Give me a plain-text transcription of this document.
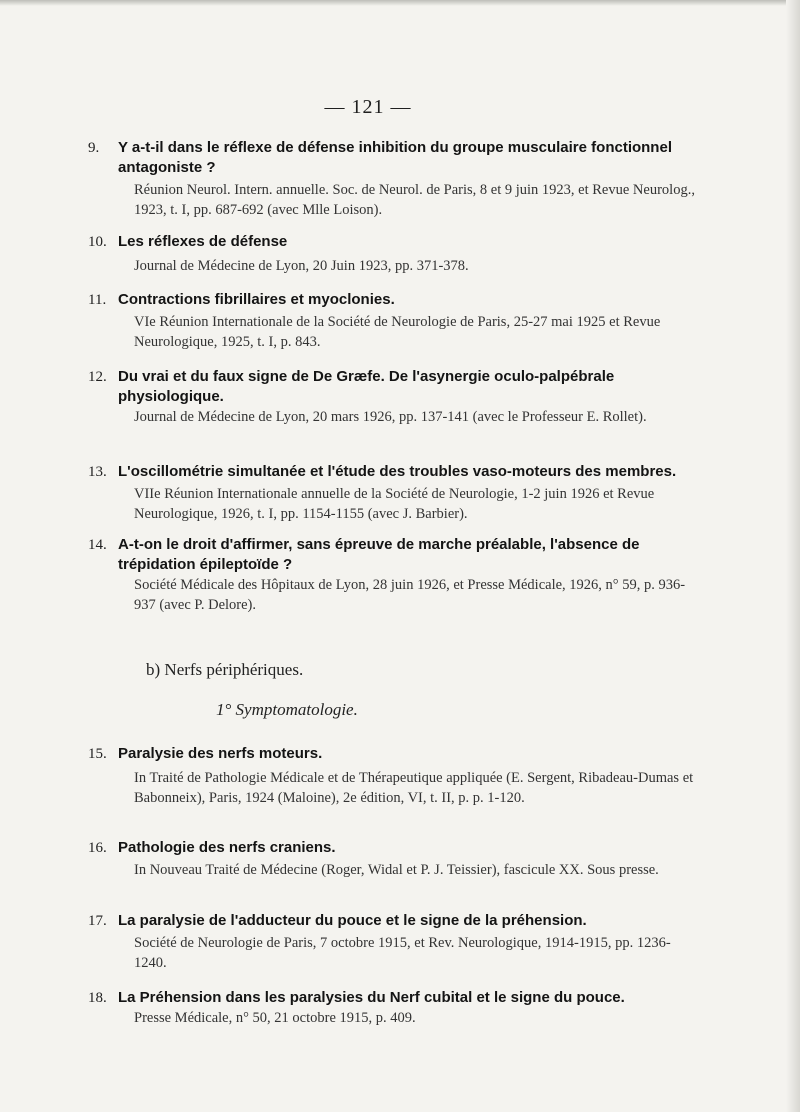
— 121 —
9.	Y a-t-il dans le réflexe de défense inhibition du groupe musculaire fonctionnel antagoniste ?
Réunion Neurol. Intern. annuelle. Soc. de Neurol. de Paris, 8 et 9 juin 1923, et Revue Neurolog., 1923, t. I, pp. 687-692 (avec Mlle Loison).
10. Les réflexes de défense
Journal de Médecine de Lyon, 20 Juin 1923, pp. 371-378.
11. Contractions fibrillaires et myoclonies.
VIe Réunion Internationale de la Société de Neurologie de Paris, 25-27 mai 1925 et Revue Neurologique, 1925, t. I, p. 843.
12. Du vrai et du faux signe de De Græfe. De l'asynergie oculo-palpébrale physiologique.
Journal de Médecine de Lyon, 20 mars 1926, pp. 137-141 (avec le Professeur E. Rollet).
13. L'oscillométrie simultanée et l'étude des troubles vaso-moteurs des membres.
VIIe Réunion Internationale annuelle de la Société de Neurologie, 1-2 juin 1926 et Revue Neurologique, 1926, t. I, pp. 1154-1155 (avec J. Barbier).
14. A-t-on le droit d'affirmer, sans épreuve de marche préalable, l'absence de trépidation épileptoïde ?
Société Médicale des Hôpitaux de Lyon, 28 juin 1926, et Presse Médicale, 1926, n° 59, p. 936-937 (avec P. Delore).
b) Nerfs périphériques.
1° Symptomatologie.
15. Paralysie des nerfs moteurs.
In Traité de Pathologie Médicale et de Thérapeutique appliquée (E. Sergent, Ribadeau-Dumas et Babonneix), Paris, 1924 (Maloine), 2e édition, VI, t. II, p. p. 1-120.
16. Pathologie des nerfs craniens.
In Nouveau Traité de Médecine (Roger, Widal et P. J. Teissier), fascicule XX. Sous presse.
17. La paralysie de l'adducteur du pouce et le signe de la préhension.
Société de Neurologie de Paris, 7 octobre 1915, et Rev. Neurologique, 1914-1915, pp. 1236-1240.
18. La Préhension dans les paralysies du Nerf cubital et le signe du pouce.
Presse Médicale, n° 50, 21 octobre 1915, p. 409.
